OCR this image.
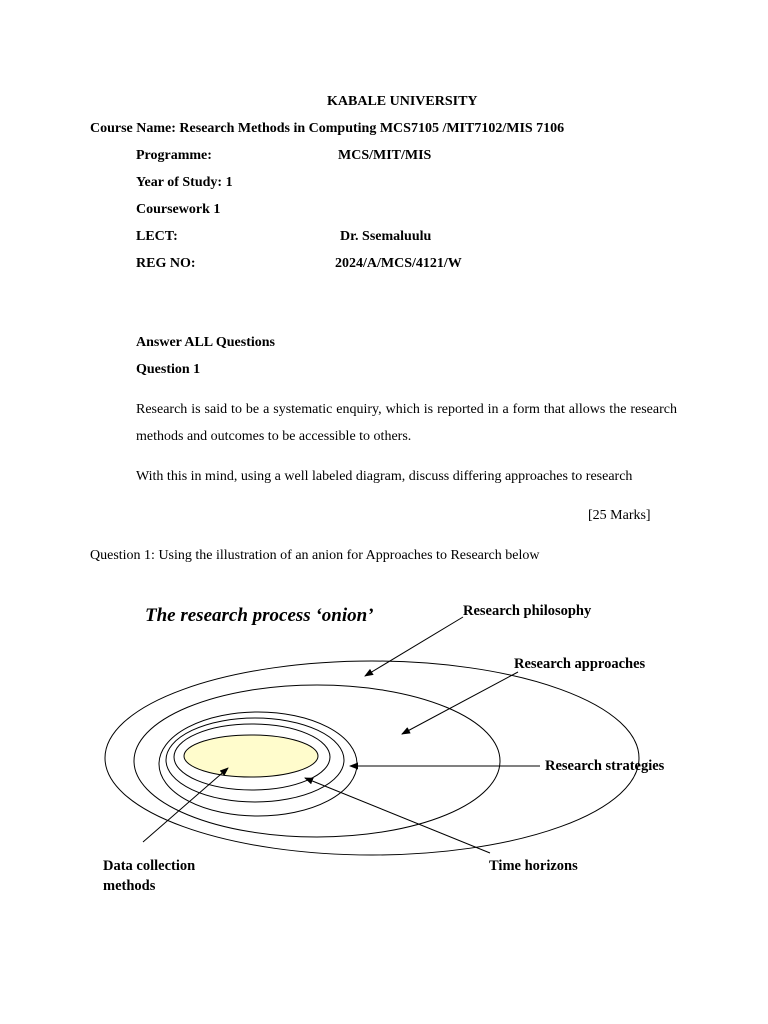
KABALE UNIVERSITY
Course Name: Research Methods in Computing MCS7105 /MIT7102/MIS 7106
Programme:	MCS/MIT/MIS
Year of Study: 1
Coursework 1
LECT:	Dr. Ssemaluulu
REG NO:	2024/A/MCS/4121/W
Answer ALL Questions
Question 1
Research is said to be a systematic enquiry, which is reported in a form that allows the research methods and outcomes to be accessible to others.
With this in mind, using a well labeled diagram, discuss differing approaches to research
[25 Marks]
Question 1: Using the illustration of an anion for Approaches to Research below
The research process ‘onion’	Research philosophy
Research approaches
Research strategies
Data collection
methods
Time horizons
